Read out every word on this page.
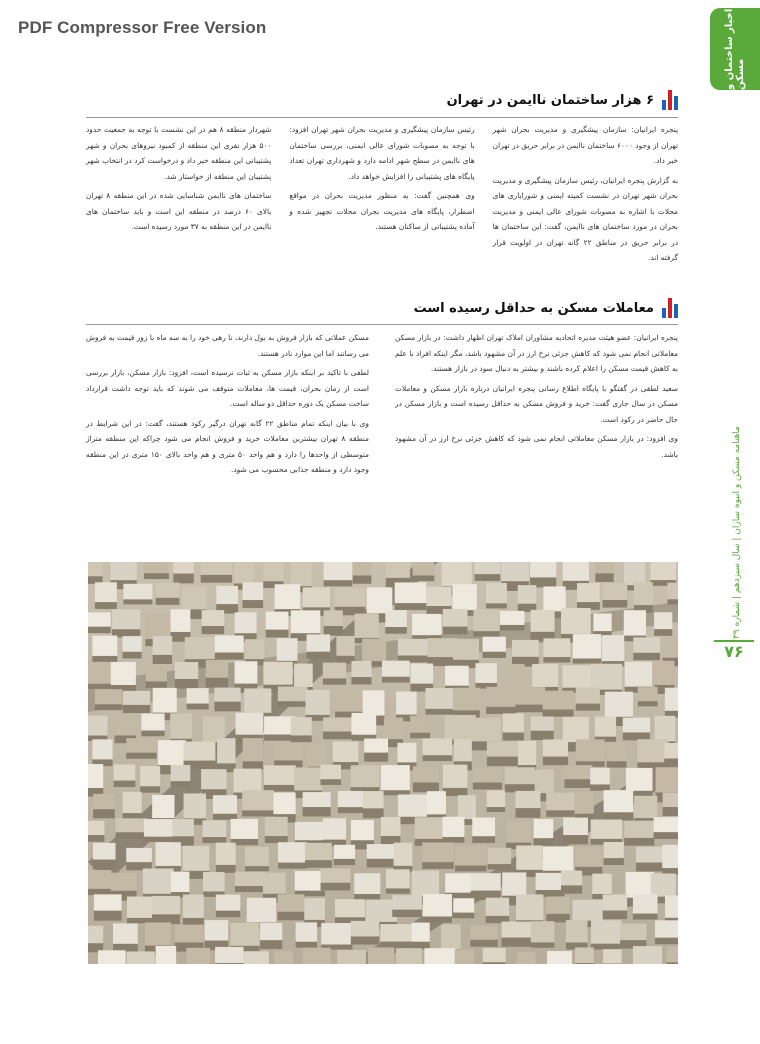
PDF Compressor Free Version	اخبار ساختمان و مسکن
ماهنامه مسکن و انبوه سازان | سال سیزدهم | شماره ۱۳۹
۷۶
۶ هزار ساختمان ناایمن در تهران

پنجره ایرانیان: سازمان پیشگیری و مدیریت بحران شهر تهران از وجود ۶۰۰۰ ساختمان ناایمن در برابر حریق در تهران خبر داد.

به گزارش پنجره ایرانیان، رئیس سازمان پیشگیری و مدیریت بحران شهر تهران در نشست کمیته ایمنی و شورایاری های محلات با اشاره به مصوبات شورای عالی ایمنی و مدیریت بحران در مورد ساختمان های ناایمن، گفت: این ساختمان ها در برابر حریق در مناطق ۲۲ گانه تهران در اولویت قرار گرفته اند.

رئیس سازمان پیشگیری و مدیریت بحران شهر تهران افزود: با توجه به مصوبات شورای عالی ایمنی، بررسی ساختمان های ناایمن در سطح شهر ادامه دارد و شهرداری تهران تعداد پایگاه های پشتیبانی را افزایش خواهد داد.

وی همچنین گفت: به منظور مدیریت بحران در مواقع اضطرار، پایگاه های مدیریت بحران محلات تجهیز شده و آماده پشتیبانی از ساکنان هستند.

شهردار منطقه ۸ هم در این نشست با توجه به جمعیت حدود ۵۰۰ هزار نفری این منطقه از کمبود نیروهای بحران و شهر پشتیبانی این منطقه خبر داد و درخواست کرد در انتخاب شهر پشتیبان این منطقه از خواستار شد.

ساختمان های ناایمن شناسایی شده در این منطقه ۸ تهران بالای ۶۰ درصد در منطقه این است و باید ساختمان های ناایمن در این منطقه به ۳۷ مورد رسیده است.

معاملات مسکن به حداقل رسیده است

پنجره ایرانیان: عضو هیئت مدیره اتحادیه مشاوران املاک تهران اظهار داشت: در بازار مسکن معاملاتی انجام نمی شود که کاهش جزئی نرخ ارز در آن مشهود باشد، مگر اینکه افراد با علم به کاهش قیمت مسکن را اعلام کرده باشند و بیشتر به دنبال سود در بازار هستند.

سعید لطفی در گفتگو با پایگاه اطلاع رسانی پنجره ایرانیان درباره بازار مسکن و معاملات مسکن در سال جاری گفت: خرید و فروش مسکن به حداقل رسیده است و بازار مسکن در حال حاضر در رکود است.

وی افزود: در بازار مسکن معاملاتی انجام نمی شود که کاهش جزئی نرخ ارز در آن مشهود باشد.

مسکن عملاتی که بازار فروش به بول دارند، نا رهی خود را به سه ماه با زور قیمت به فروش می رسانند اما این موارد نادر هستند.

لطفی با تاکید بر اینکه بازار مسکن به ثبات نرسیده است، افزود: بازار مسکن، بازار بررسی است از زمان بحران، قیمت ها، معاملات متوقف می شوند که باید توجه داشت قرارداد ساخت مسکن یک دوره حداقل دو ساله است.

وی با بیان اینکه تمام مناطق ۲۲ گانه تهران درگیر رکود هستند، گفت: در این شرایط در منطقه ۸ تهران بیشترین معاملات خرید و فروش انجام می شود چراکه این منطقه متراژ متوسطی از واحدها را دارد و هم واحد ۵۰ متری و هم واحد بالای ۱۵۰ متری در این منطقه وجود دارد و منطقه جذابی محسوب می شود.
